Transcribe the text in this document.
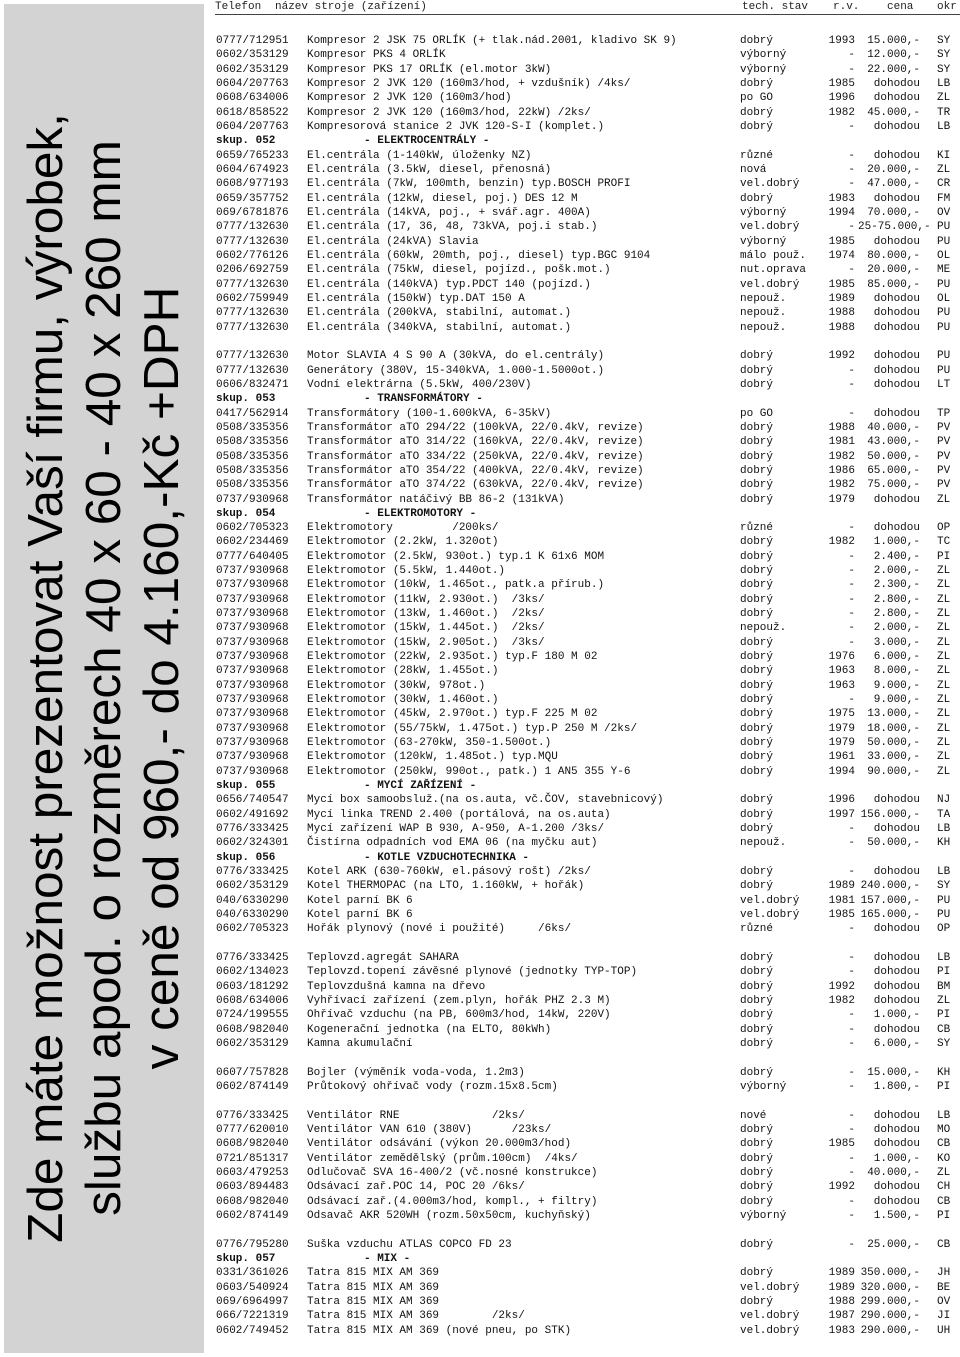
Zde máte možnost prezentovat Vaší firmu, výrobek, službu apod. o rozměrech 40 x 60 - 40 x 260 mm v ceně od 960,- do 4.160,-Kč +DPH
Telefon název stroje (zařízení)	tech. stav r.v.	cena okr
0777/712951 Kompresor 2 JSK 75 ORLÍK (+ tlak.nád.2001, kladivo SK 9)	dobrý	1993	15.000,- SY
0602/353129 Kompresor PKS 4 ORLÍK	výborný	-	12.000,- SY
0602/353129 Kompresor PKS 17 ORLÍK (el.motor 3kW)	výborný	-	22.000,- SY
0604/207763 Kompresor 2 JVK 120 (160m3/hod, + vzdušník) /4ks/	dobrý	1985	dohodou LB
0608/634006 Kompresor 2 JVK 120 (160m3/hod)	po GO	1996	dohodou ZL
0618/858522 Kompresor 2 JVK 120 (160m3/hod, 22kW) /2ks/	dobrý	1982	45.000,- TR
0604/207763 Kompresorová stanice 2 JVK 120-S-I (komplet.)	dobrý	-	dohodou LB
skup. 052	- ELEKTROCENTRÁLY -
0659/765233 El.centrála (1-140kW, úloženky NZ)	různé	-	dohodou KI
0604/674923 El.centrála (3.5kW, diesel, přenosná)	nová	-	20.000,- ZL
0608/977193 El.centrála (7kW, 100mth, benzin) typ.BOSCH PROFI	vel.dobrý	-	47.000,- CR
0659/357752 El.centrála (12kW, diesel, poj.) DES 12 M	dobrý	1983	dohodou FM
069/6781876 El.centrála (14kVA, poj., + svář.agr. 400A)	výborný	1994	70.000,- OV
0777/132630 El.centrála (17, 36, 48, 73kVA, poj.i stab.)	vel.dobrý	- 25-75.000,- PU
0777/132630 El.centrála (24kVA) Slavia	výborný	1985	dohodou PU
0602/776126 El.centrála (60kW, 20mth, poj., diesel) typ.BGC 9104	málo použ.	1974	80.000,- OL
0206/692759 El.centrála (75kW, diesel, pojízd., pošk.mot.)	nut.oprava	-	20.000,- ME
0777/132630 El.centrála (140kVA) typ.PDCT 140 (pojízd.)	vel.dobrý	1985	85.000,- PU
0602/759949 El.centrála (150kW) typ.DAT 150 A	nepouž.	1989	dohodou OL
0777/132630 El.centrála (200kVA, stabilní, automat.)	nepouž.	1988	dohodou PU
0777/132630 El.centrála (340kVA, stabilní, automat.)	nepouž.	1988	dohodou PU
0777/132630 Motor SLAVIA 4 S 90 A (30kVA, do el.centrály)	dobrý	1992	dohodou PU
0777/132630 Generátory (380V, 15-340kVA, 1.000-1.5000ot.)	dobrý	-	dohodou PU
0606/832471 Vodní elektrárna (5.5kW, 400/230V)	dobrý	-	dohodou LT
skup. 053	- TRANSFORMÁTORY -
0417/562914 Transformátory (100-1.600kVA, 6-35kV)	po GO	-	dohodou TP
0508/335356 Transformátor aTO 294/22 (100kVA, 22/0.4kV, revize)	dobrý	1988	40.000,- PV
0508/335356 Transformátor aTO 314/22 (160kVA, 22/0.4kV, revize)	dobrý	1981	43.000,- PV
0508/335356 Transformátor aTO 334/22 (250kVA, 22/0.4kV, revize)	dobrý	1982	50.000,- PV
0508/335356 Transformátor aTO 354/22 (400kVA, 22/0.4kV, revize)	dobrý	1986	65.000,- PV
0508/335356 Transformátor aTO 374/22 (630kVA, 22/0.4kV, revize)	dobrý	1982	75.000,- PV
0737/930968 Transformátor natáčivý BB 86-2 (131kVA)	dobrý	1979	dohodou ZL
skup. 054	- ELEKTROMOTORY -
0602/705323 Elektromotory         /200ks/	různé	-	dohodou OP
0602/234469 Elektromotor (2.2kW, 1.320ot)	dobrý	1982	1.000,- TC
0777/640405 Elektromotor (2.5kW, 930ot.) typ.1 K 61x6 MOM	dobrý	-	2.400,- PI
0737/930968 Elektromotor (5.5kW, 1.440ot.)	dobrý	-	2.000,- ZL
0737/930968 Elektromotor (10kW, 1.465ot., patk.a přírub.)	dobrý	-	2.300,- ZL
0737/930968 Elektromotor (11kW, 2.930ot.)  /3ks/	dobrý	-	2.800,- ZL
0737/930968 Elektromotor (13kW, 1.460ot.)  /2ks/	dobrý	-	2.800,- ZL
0737/930968 Elektromotor (15kW, 1.445ot.)  /2ks/	nepouž.	-	2.000,- ZL
0737/930968 Elektromotor (15kW, 2.905ot.)  /3ks/	dobrý	-	3.000,- ZL
0737/930968 Elektromotor (22kW, 2.935ot.) typ.F 180 M 02	dobrý	1976	6.000,- ZL
0737/930968 Elektromotor (28kW, 1.455ot.)	dobrý	1963	8.000,- ZL
0737/930968 Elektromotor (30kW, 978ot.)	dobrý	1963	9.000,- ZL
0737/930968 Elektromotor (30kW, 1.460ot.)	dobrý	-	9.000,- ZL
0737/930968 Elektromotor (45kW, 2.970ot.) typ.F 225 M 02	dobrý	1975	13.000,- ZL
0737/930968 Elektromotor (55/75kW, 1.475ot.) typ.P 250 M /2ks/	dobrý	1979	18.000,- ZL
0737/930968 Elektromotor (63-270kW, 350-1.500ot.)	dobrý	1979	50.000,- ZL
0737/930968 Elektromotor (120kW, 1.485ot.) typ.MQU	dobrý	1961	33.000,- ZL
0737/930968 Elektromotor (250kW, 990ot., patk.) 1 AN5 355 Y-6	dobrý	1994	90.000,- ZL
skup. 055	- MYCÍ ZAŘÍZENÍ -
0656/740547 Mycí box samoobsluž.(na os.auta, vč.ČOV, stavebnicový)	dobrý	1996	dohodou NJ
0602/491692 Mycí linka TREND 2.400 (portálová, na os.auta)	dobrý	1997 156.000,- TA
0776/333425 Mycí zařízení WAP B 930, A-950, A-1.200 /3ks/	dobrý	-	dohodou LB
0602/324301 Čistírna odpadních vod EMA 06 (na myčku aut)	nepouž.	-	50.000,- KH
skup. 056	- KOTLE VZDUCHOTECHNIKA -
0776/333425 Kotel ARK (630-760kW, el.pásový rošt) /2ks/	dobrý	-	dohodou LB
0602/353129 Kotel THERMOPAC (na LTO, 1.160kW, + hořák)	dobrý	1989 240.000,- SY
040/6330290 Kotel parní BK 6	vel.dobrý	1981 157.000,- PU
040/6330290 Kotel parní BK 6	vel.dobrý	1985 165.000,- PU
0602/705323 Hořák plynový (nové i použité)     /6ks/	různé	-	dohodou OP
0776/333425 Teplovzd.agregát SAHARA	dobrý	-	dohodou LB
0602/134023 Teplovzd.topení závěsné plynové (jednotky TYP-TOP)	dobrý	-	dohodou PI
0603/181292 Teplovzdušná kamna na dřevo	dobrý	1992	dohodou BM
0608/634006 Vyhřívací zařízení (zem.plyn, hořák PHZ 2.3 M)	dobrý	1982	dohodou ZL
0724/199555 Ohřívač vzduchu (na PB, 600m3/hod, 14kW, 220V)	dobrý	-	1.000,- PI
0608/982040 Kogenerační jednotka (na ELTO, 80kWh)	dobrý	-	dohodou CB
0602/353129 Kamna akumulační	dobrý	-	6.000,- SY
0607/757828 Bojler (výměník voda-voda, 1.2m3)	dobrý	-	15.000,- KH
0602/874149 Průtokový ohřívač vody (rozm.15x8.5cm)	výborný	-	1.800,- PI
0776/333425 Ventilátor RNE              /2ks/	nové	-	dohodou LB
0777/620010 Ventilátor VAN 610 (380V)      /23ks/	dobrý	-	dohodou MO
0608/982040 Ventilátor odsávání (výkon 20.000m3/hod)	dobrý	1985	dohodou CB
0721/851317 Ventilátor zemědělský (prům.100cm)  /4ks/	dobrý	-	1.000,- KO
0603/479253 Odlučovač SVA 16-400/2 (vč.nosné konstrukce)	dobrý	-	40.000,- ZL
0603/894483 Odsávací zař.POC 14, POC 20 /6ks/	dobrý	1992	dohodou CH
0608/982040 Odsávací zař.(4.000m3/hod, kompl., + filtry)	dobrý	-	dohodou CB
0602/874149 Odsavač AKR 520WH (rozm.50x50cm, kuchyňský)	výborný	-	1.500,- PI
0776/795280 Suška vzduchu ATLAS COPCO FD 23	dobrý	-	25.000,- CB
skup. 057	- MIX -
0331/361026 Tatra 815 MIX AM 369	dobrý	1989 350.000,- JH
0603/540924 Tatra 815 MIX AM 369	vel.dobrý	1989 320.000,- BE
069/6964997 Tatra 815 MIX AM 369	dobrý	1988 299.000,- OV
066/7221319 Tatra 815 MIX AM 369        /2ks/	vel.dobrý	1987 290.000,- JI
0602/749452 Tatra 815 MIX AM 369 (nové pneu, po STK)	vel.dobrý	1983 290.000,- UH
